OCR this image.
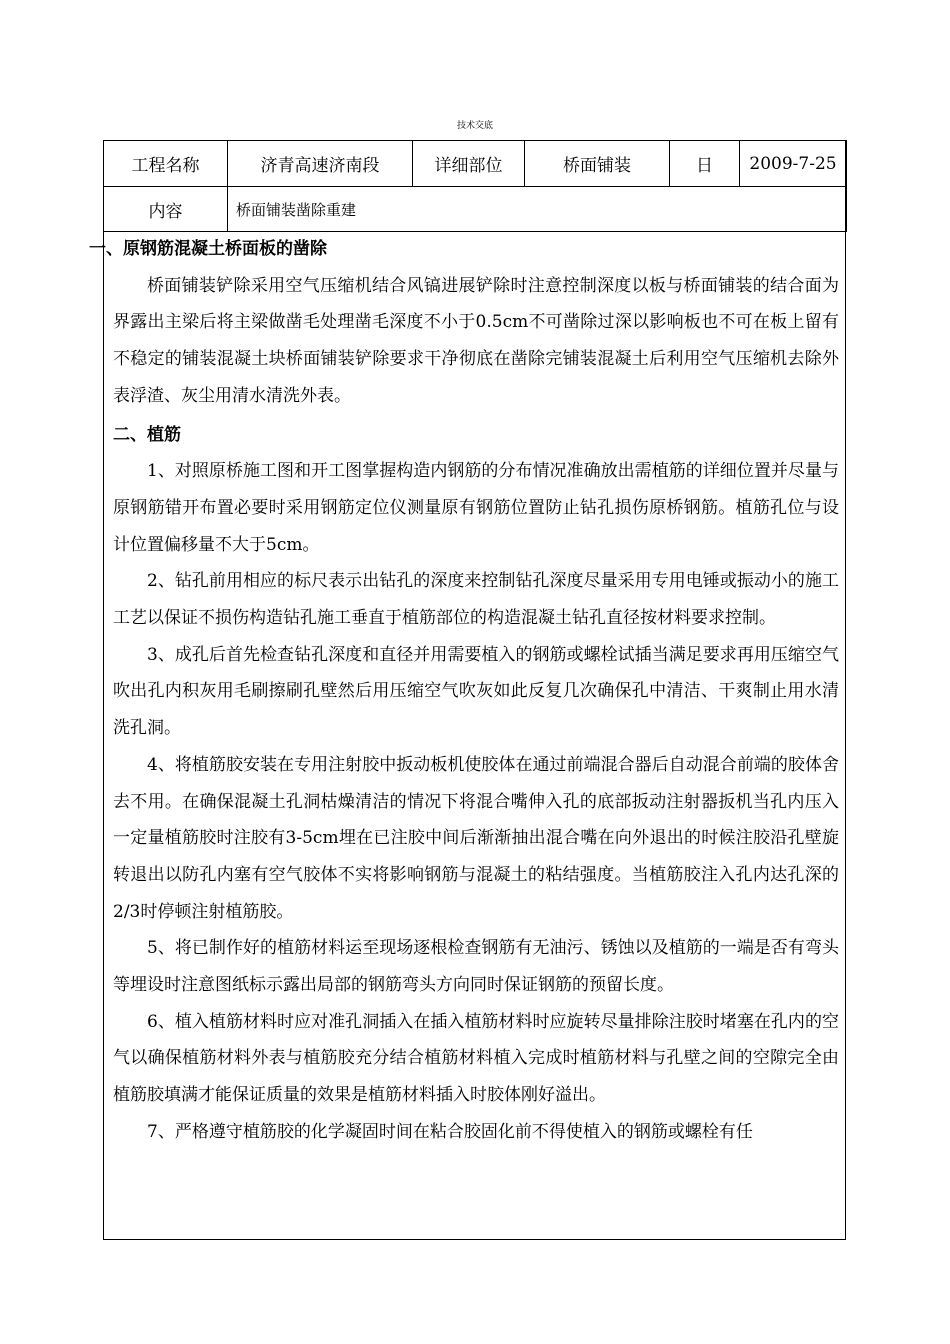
技术交底
工程名称	济青高速济南段	详细部位	桥面铺装	日	2009-7-25
内容	桥面铺装凿除重建				
一、原钢筋混凝土桥面板的凿除

桥面铺装铲除采用空气压缩机结合风镐进展铲除时注意控制深度以板与桥面铺装的结合面为界露出主梁后将主梁做凿毛处理凿毛深度不小于0.5cm不可凿除过深以影响板也不可在板上留有不稳定的铺装混凝土块桥面铺装铲除要求干净彻底在凿除完铺装混凝土后利用空气压缩机去除外表浮渣、灰尘用清水清洗外表。

二、植筋

1、对照原桥施工图和开工图掌握构造内钢筋的分布情况准确放出需植筋的详细位置并尽量与原钢筋错开布置必要时采用钢筋定位仪测量原有钢筋位置防止钻孔损伤原桥钢筋。植筋孔位与设计位置偏移量不大于5cm。

2、钻孔前用相应的标尺表示出钻孔的深度来控制钻孔深度尽量采用专用电锤或振动小的施工工艺以保证不损伤构造钻孔施工垂直于植筋部位的构造混凝土钻孔直径按材料要求控制。

3、成孔后首先检查钻孔深度和直径并用需要植入的钢筋或螺栓试插当满足要求再用压缩空气吹出孔内积灰用毛刷擦刷孔壁然后用压缩空气吹灰如此反复几次确保孔中清洁、干爽制止用水清洗孔洞。

4、将植筋胶安装在专用注射胶中扳动板机使胶体在通过前端混合器后自动混合前端的胶体舍去不用。在确保混凝土孔洞枯燥清洁的情况下将混合嘴伸入孔的底部扳动注射器扳机当孔内压入一定量植筋胶时注胶有3-5cm埋在已注胶中间后渐渐抽出混合嘴在向外退出的时候注胶沿孔壁旋转退出以防孔内塞有空气胶体不实将影响钢筋与混凝土的粘结强度。当植筋胶注入孔内达孔深的2/3时停顿注射植筋胶。

5、将已制作好的植筋材料运至现场逐根检查钢筋有无油污、锈蚀以及植筋的一端是否有弯头等埋设时注意图纸标示露出局部的钢筋弯头方向同时保证钢筋的预留长度。

6、植入植筋材料时应对准孔洞插入在插入植筋材料时应旋转尽量排除注胶时堵塞在孔内的空气以确保植筋材料外表与植筋胶充分结合植筋材料植入完成时植筋材料与孔壁之间的空隙完全由植筋胶填满才能保证质量的效果是植筋材料插入时胶体刚好溢出。

7、严格遵守植筋胶的化学凝固时间在粘合胶固化前不得使植入的钢筋或螺栓有任
